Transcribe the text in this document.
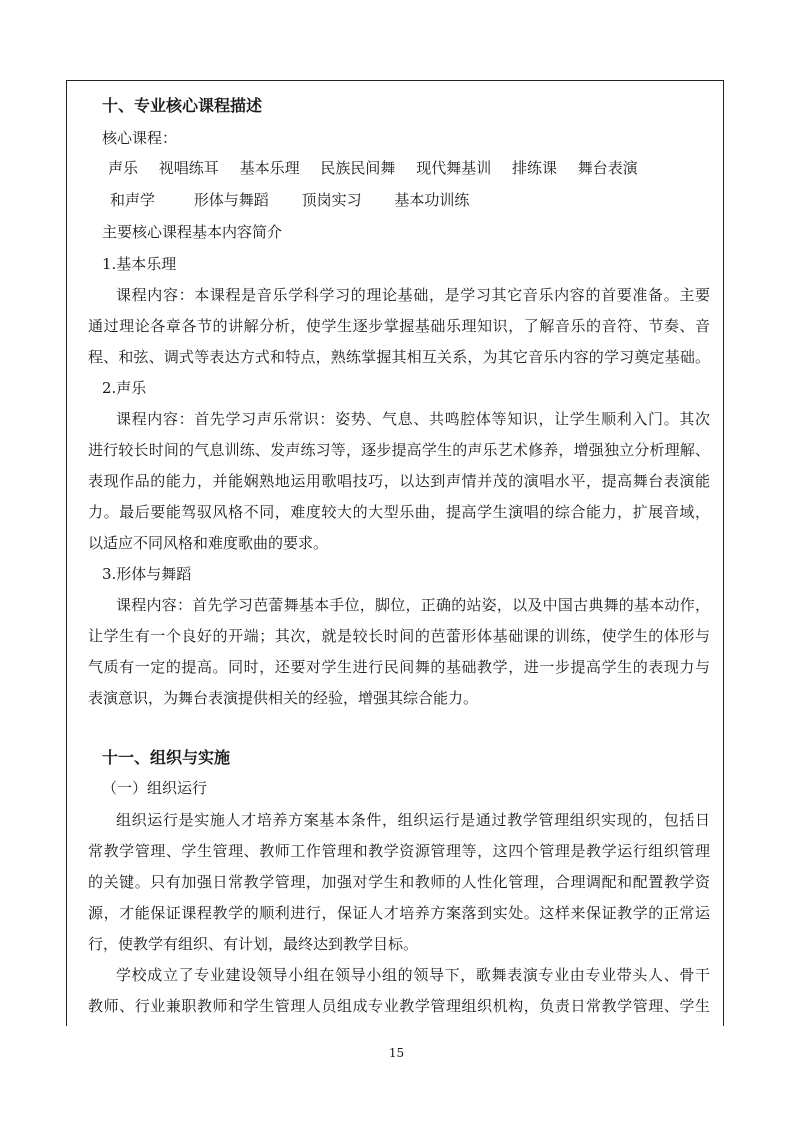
十、专业核心课程描述
核心课程：
声乐 视唱练耳 基本乐理 民族民间舞 现代舞基训 排练课 舞台表演
和声学	形体与舞蹈 顶岗实习 基本功训练
主要核心课程基本内容简介
1.基本乐理
课程内容：本课程是音乐学科学习的理论基础，是学习其它音乐内容的首要准备。主要
通过理论各章各节的讲解分析，使学生逐步掌握基础乐理知识，了解音乐的音符、节奏、音
程、和弦、调式等表达方式和特点，熟练掌握其相互关系，为其它音乐内容的学习奠定基础。
2.声乐
课程内容：首先学习声乐常识：姿势、气息、共鸣腔体等知识，让学生顺利入门。其次
进行较长时间的气息训练、发声练习等，逐步提高学生的声乐艺术修养，增强独立分析理解、
表现作品的能力，并能娴熟地运用歌唱技巧，以达到声情并茂的演唱水平，提高舞台表演能
力。最后要能驾驭风格不同，难度较大的大型乐曲，提高学生演唱的综合能力，扩展音域，
以适应不同风格和难度歌曲的要求。
3.形体与舞蹈
课程内容：首先学习芭蕾舞基本手位，脚位，正确的站姿，以及中国古典舞的基本动作，
让学生有一个良好的开端；其次，就是较长时间的芭蕾形体基础课的训练，使学生的体形与
气质有一定的提高。同时，还要对学生进行民间舞的基础教学，进一步提高学生的表现力与
表演意识，为舞台表演提供相关的经验，增强其综合能力。
十一、组织与实施
（一）组织运行
组织运行是实施人才培养方案基本条件，组织运行是通过教学管理组织实现的，包括日
常教学管理、学生管理、教师工作管理和教学资源管理等，这四个管理是教学运行组织管理
的关键。只有加强日常教学管理，加强对学生和教师的人性化管理，合理调配和配置教学资
源，才能保证课程教学的顺利进行，保证人才培养方案落到实处。这样来保证教学的正常运
行，使教学有组织、有计划，最终达到教学目标。
学校成立了专业建设领导小组在领导小组的领导下，歌舞表演专业由专业带头人、骨干
教师、行业兼职教师和学生管理人员组成专业教学管理组织机构，负责日常教学管理、学生
15
